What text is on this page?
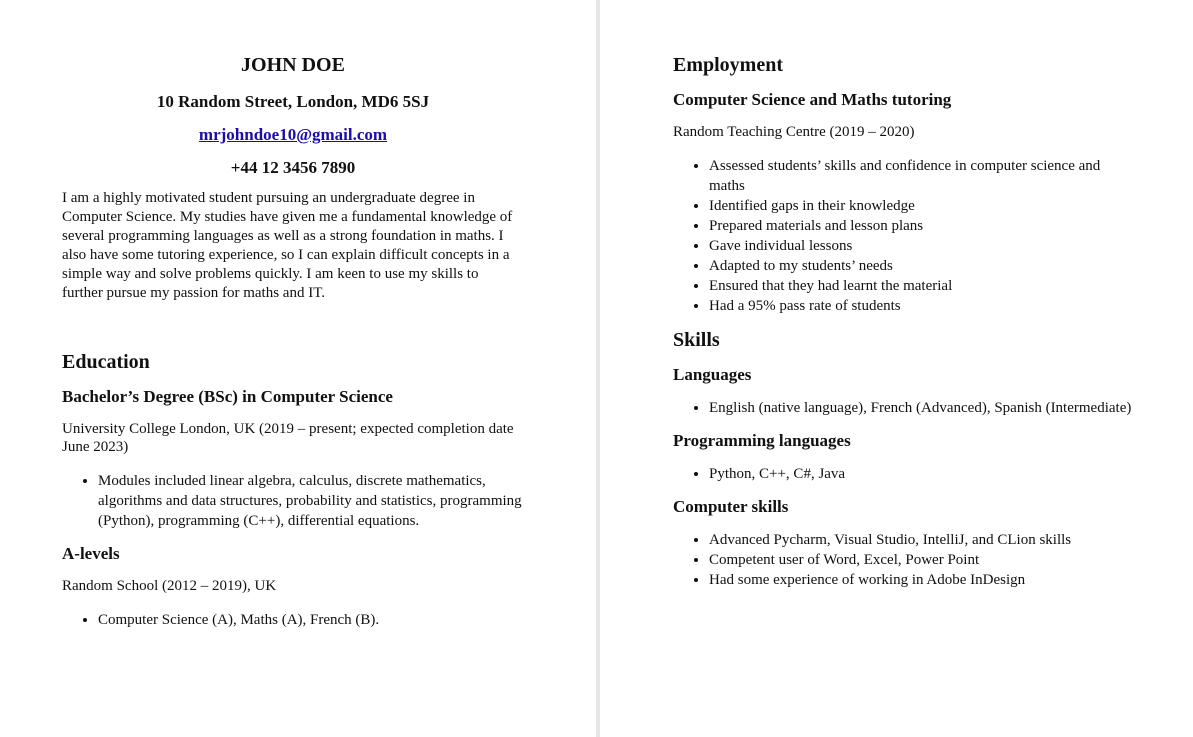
JOHN DOE
10 Random Street, London, MD6 5SJ
mrjohndoe10@gmail.com
+44 12 3456 7890

I am a highly motivated student pursuing an undergraduate degree in Computer Science. My studies have given me a fundamental knowledge of several programming languages as well as a strong foundation in maths. I also have some tutoring experience, so I can explain difficult concepts in a simple way and solve problems quickly. I am keen to use my skills to further pursue my passion for maths and IT.

Education
Bachelor’s Degree (BSc) in Computer Science

University College London, UK (2019 – present; expected completion date June 2023)

• Modules included linear algebra, calculus, discrete mathematics, algorithms and data structures, probability and statistics, programming (Python), programming (C++), differential equations.
A-levels

Random School (2012 – 2019), UK

• Computer Science (A), Maths (A), French (B).
Employment
Computer Science and Maths tutoring

Random Teaching Centre (2019 – 2020)

• Assessed students’ skills and confidence in computer science and maths
• Identified gaps in their knowledge
• Prepared materials and lesson plans
• Gave individual lessons
• Adapted to my students’ needs
• Ensured that they had learnt the material
• Had a 95% pass rate of students
Skills
Languages
• English (native language), French (Advanced), Spanish (Intermediate)
Programming languages
• Python, C++, C#, Java
Computer skills
• Advanced Pycharm, Visual Studio, IntelliJ, and CLion skills
• Competent user of Word, Excel, Power Point
• Had some experience of working in Adobe InDesign
